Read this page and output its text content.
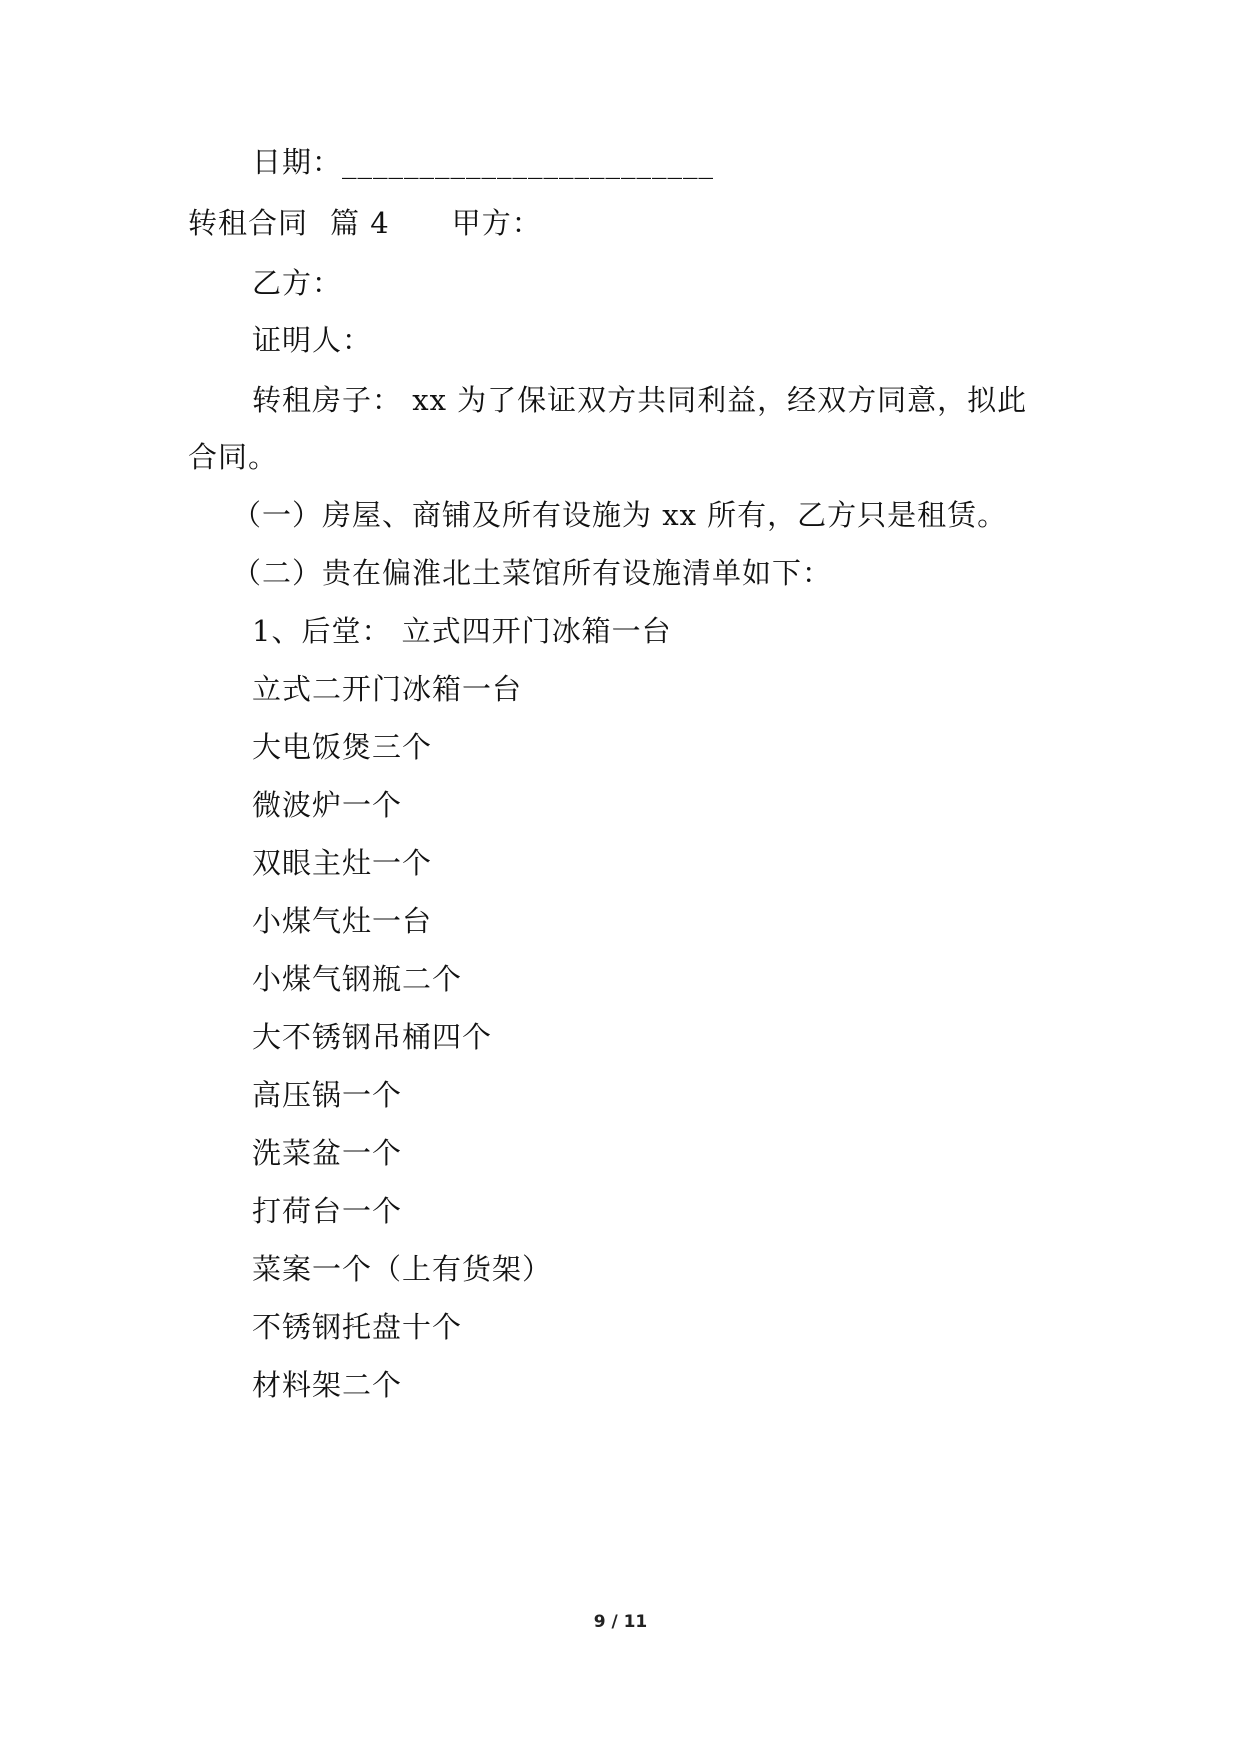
日期：________________________
转租合同 篇 4 甲方：
乙方：
证明人：
转租房子： xx 为了保证双方共同利益，经双方同意，拟此
合同。
（一）房屋、商铺及所有设施为 xx 所有，乙方只是租赁。
（二）贵在偏淮北土菜馆所有设施清单如下：
1、后堂： 立式四开门冰箱一台
立式二开门冰箱一台
大电饭煲三个
微波炉一个
双眼主灶一个
小煤气灶一台
小煤气钢瓶二个
大不锈钢吊桶四个
高压锅一个
洗菜盆一个
打荷台一个
菜案一个（上有货架）
不锈钢托盘十个
材料架二个
9 / 11
